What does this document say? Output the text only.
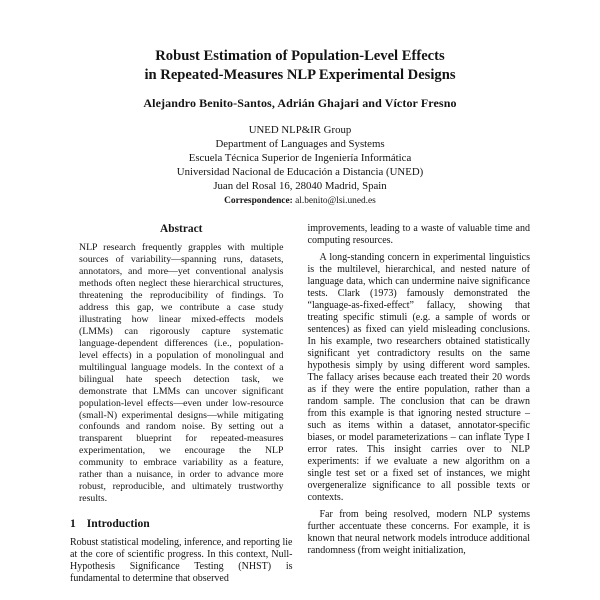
Robust Estimation of Population-Level Effects
in Repeated-Measures NLP Experimental Designs
Alejandro Benito-Santos, Adrián Ghajari and Víctor Fresno
UNED NLP&IR Group
Department of Languages and Systems
Escuela Técnica Superior de Ingeniería Informática
Universidad Nacional de Educación a Distancia (UNED)
Juan del Rosal 16, 28040 Madrid, Spain
Correspondence: al.benito@lsi.uned.es
Abstract
NLP research frequently grapples with multiple sources of variability—spanning runs, datasets, annotators, and more—yet conventional analysis methods often neglect these hierarchical structures, threatening the reproducibility of findings. To address this gap, we contribute a case study illustrating how linear mixed-effects models (LMMs) can rigorously capture systematic language-dependent differences (i.e., population-level effects) in a population of monolingual and multilingual language models. In the context of a bilingual hate speech detection task, we demonstrate that LMMs can uncover significant population-level effects—even under low-resource (small-N) experimental designs—while mitigating confounds and random noise. By setting out a transparent blueprint for repeated-measures experimentation, we encourage the NLP community to embrace variability as a feature, rather than a nuisance, in order to advance more robust, reproducible, and ultimately trustworthy results.
1 Introduction

Robust statistical modeling, inference, and reporting lie at the core of scientific progress. In this context, Null-Hypothesis Significance Testing (NHST) is fundamental to determine that observed

improvements, leading to a waste of valuable time and computing resources.

A long-standing concern in experimental linguistics is the multilevel, hierarchical, and nested nature of language data, which can undermine naive significance tests. Clark (1973) famously demonstrated the “language-as-fixed-effect” fallacy, showing that treating specific stimuli (e.g. a sample of words or sentences) as fixed can yield misleading conclusions. In his example, two researchers obtained statistically significant yet contradictory results on the same hypothesis simply by using different word samples. The fallacy arises because each treated their 20 words as if they were the entire population, rather than a random sample. The conclusion that can be drawn from this example is that ignoring nested structure – such as items within a dataset, annotator-specific biases, or model parameterizations – can inflate Type I error rates. This insight carries over to NLP experiments: if we evaluate a new algorithm on a single test set or a fixed set of instances, we might overgeneralize significance to all possible texts or contexts.

Far from being resolved, modern NLP systems further accentuate these concerns. For example, it is known that neural network models introduce additional randomness (from weight initialization,
